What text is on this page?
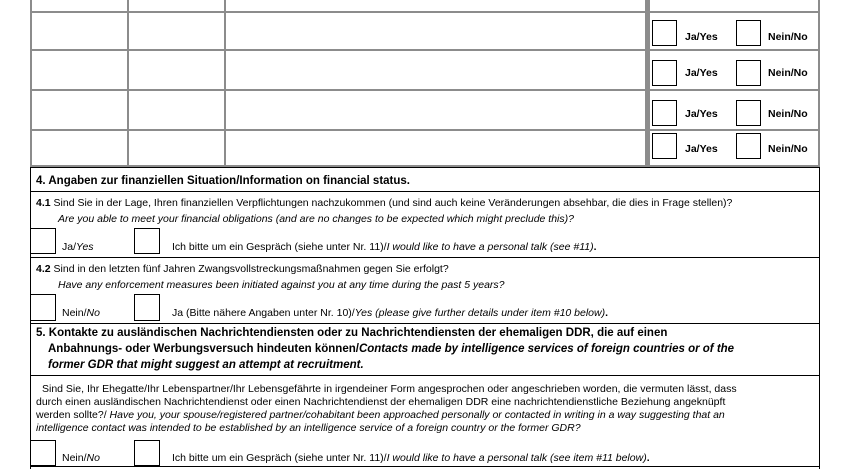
Ja/Yes	Nein/No
Ja/Yes	Nein/No
Ja/Yes	Nein/No
Ja/Yes	Nein/No
4. Angaben zur finanziellen Situation/Information on financial status.
4.1 Sind Sie in der Lage, Ihren finanziellen Verpflichtungen nachzukommen (und sind auch keine Veränderungen absehbar, die dies in Frage stellen)?
Are you able to meet your financial obligations (and are no changes to be expected which might preclude this)?
Ja/Yes	Ich bitte um ein Gespräch (siehe unter Nr. 11)/I would like to have a personal talk (see #11).
4.2 Sind in den letzten fünf Jahren Zwangsvollstreckungsmaßnahmen gegen Sie erfolgt?
Have any enforcement measures been initiated against you at any time during the past 5 years?
Nein/No	Ja (Bitte nähere Angaben unter Nr. 10)/Yes (please give further details under item #10 below).
5. Kontakte zu ausländischen Nachrichtendiensten oder zu Nachrichtendiensten der ehemaligen DDR, die auf einen
Anbahnungs- oder Werbungsversuch hindeuten können/Contacts made by intelligence services of foreign countries or of the
former GDR that might suggest an attempt at recruitment.
Sind Sie, Ihr Ehegatte/Ihr Lebenspartner/Ihr Lebensgefährte in irgendeiner Form angesprochen oder angeschrieben worden, die vermuten lässt, dass
durch einen ausländischen Nachrichtendienst oder einen Nachrichtendienst der ehemaligen DDR eine nachrichtendienstliche Beziehung angeknüpft
werden sollte?/ Have you, your spouse/registered partner/cohabitant been approached personally or contacted in writing in a way suggesting that an
intelligence contact was intended to be established by an intelligence service of a foreign country or the former GDR?
Nein/No	Ich bitte um ein Gespräch (siehe unter Nr. 11)/I would like to have a personal talk (see item #11 below).
